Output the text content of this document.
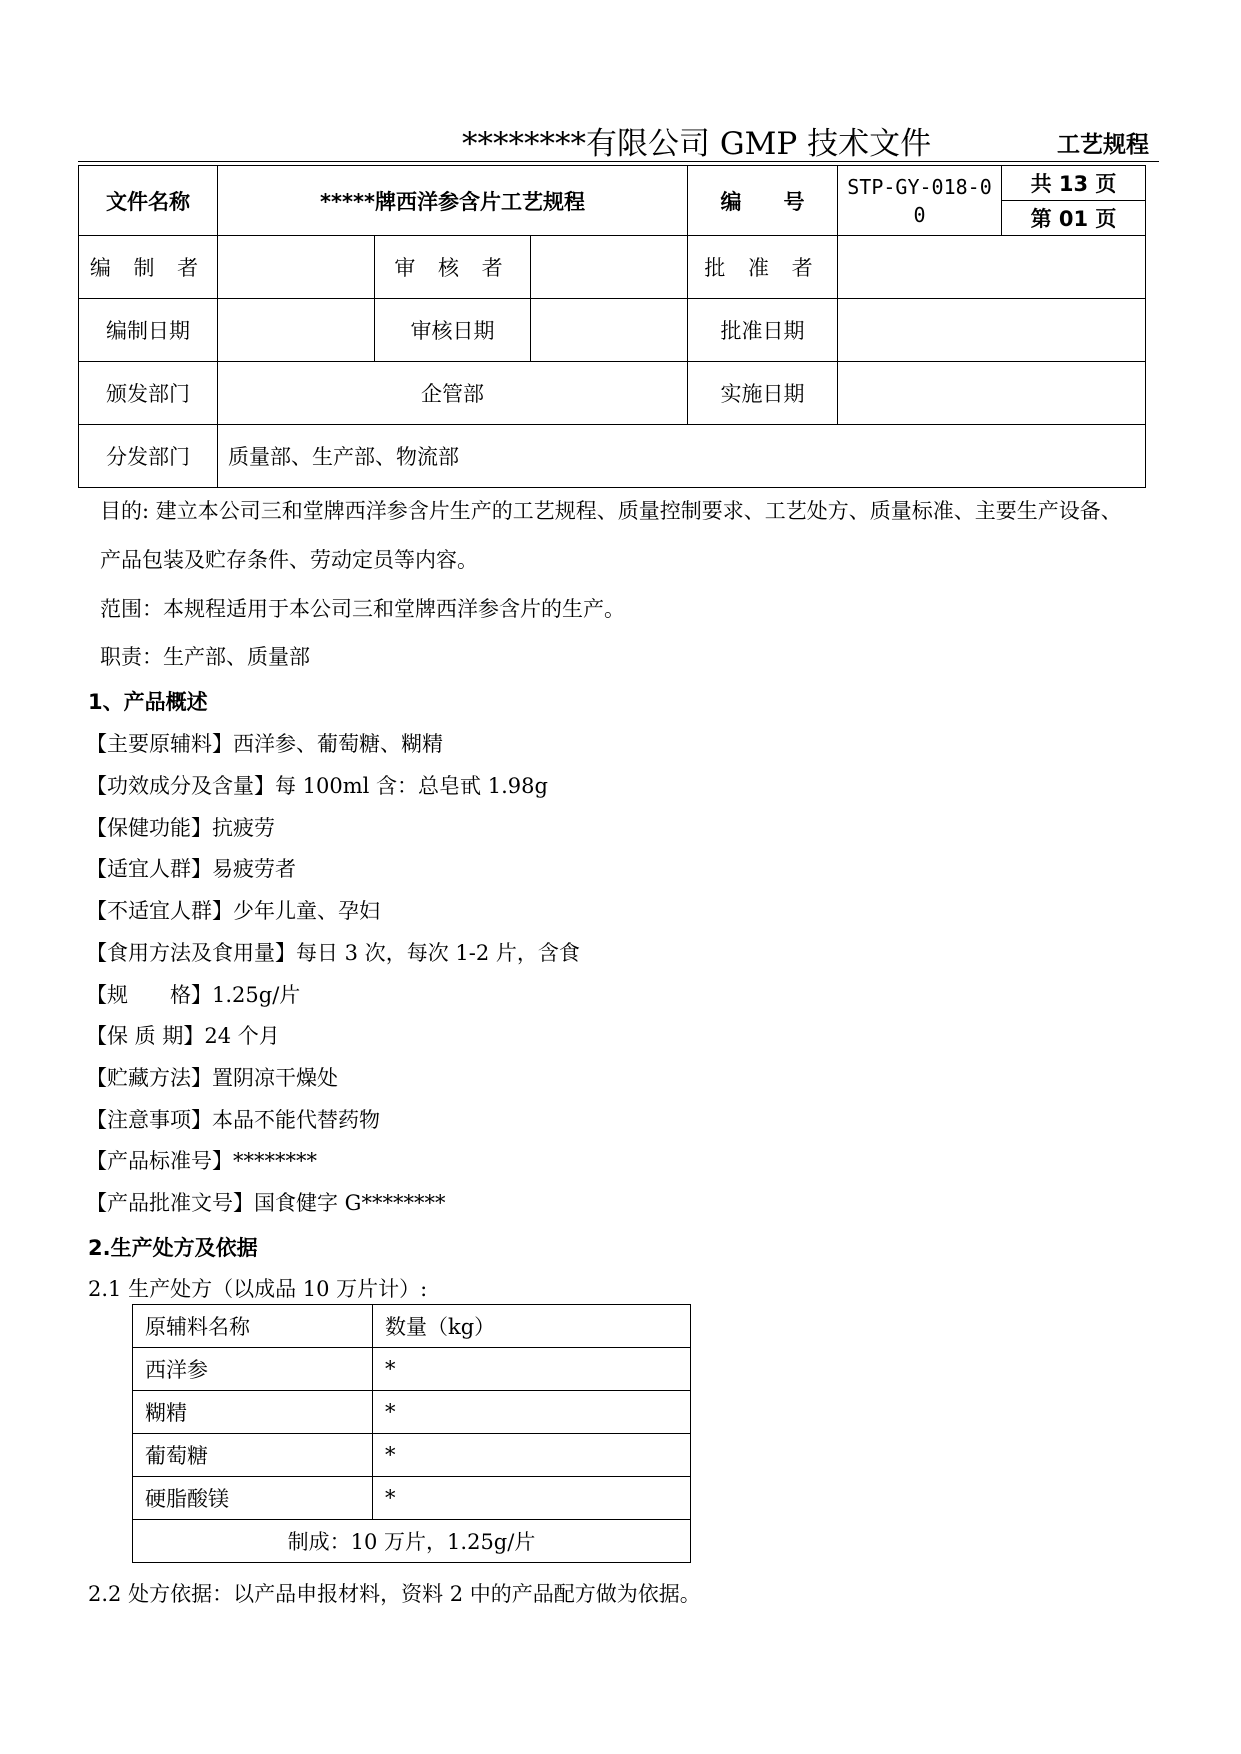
********有限公司 GMP 技术文件	工艺规程
文件名称	*****牌西洋参含片工艺规程			编　　号	STP-GY-018-00	共 13 页
						第 01 页
编 制 者		审 核 者		批 准 者		
编制日期		审核日期		批准日期		
颁发部门	企管部			实施日期		
分发部门	质量部、生产部、物流部					
目的: 建立本公司三和堂牌西洋参含片生产的工艺规程、质量控制要求、工艺处方、质量标准、主要生产设备、
产品包装及贮存条件、劳动定员等内容。
范围：本规程适用于本公司三和堂牌西洋参含片的生产。
职责：生产部、质量部
1、产品概述
【主要原辅料】西洋参、葡萄糖、糊精
【功效成分及含量】每 100ml 含：总皂甙 1.98g
【保健功能】抗疲劳
【适宜人群】易疲劳者
【不适宜人群】少年儿童、孕妇
【食用方法及食用量】每日 3 次，每次 1-2 片，含食
【规　　格】1.25g/片
【保 质 期】24 个月
【贮藏方法】置阴凉干燥处
【注意事项】本品不能代替药物
【产品标准号】********
【产品批准文号】国食健字 G********
2.生产处方及依据
2.1 生产处方（以成品 10 万片计）:
原辅料名称	数量（kg）
西洋参	*
糊精	*
葡萄糖	*
硬脂酸镁	*
制成：10 万片，1.25g/片	
2.2 处方依据：以产品申报材料，资料 2 中的产品配方做为依据。
